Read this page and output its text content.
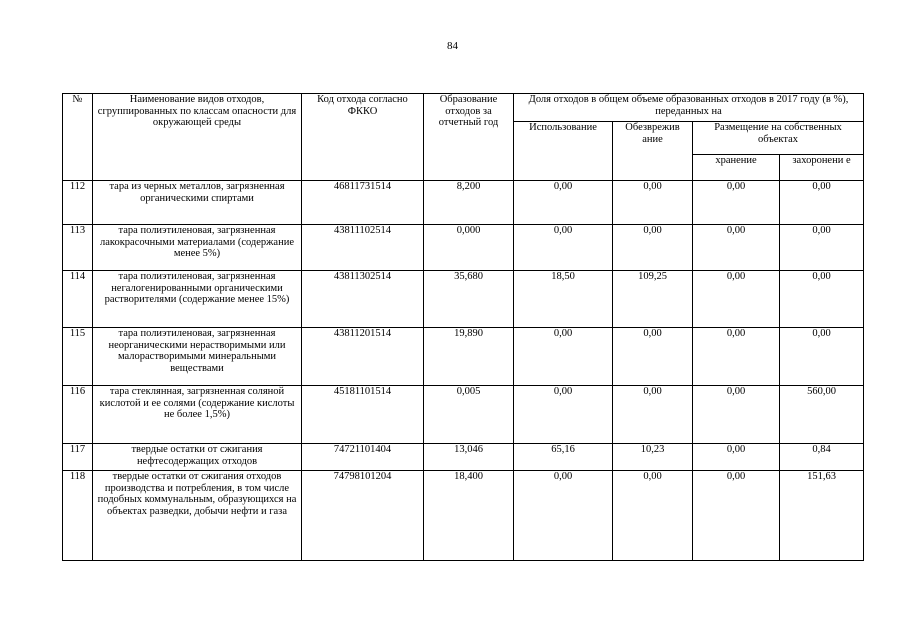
84
№	Наименование видов отходов, сгруппированных по классам опасности для окружающей среды	Код отхода согласно ФККО	Образование отходов за отчетный год	Доля отходов в общем объеме образованных отходов в 2017 году (в %), переданных на			
				Использование	Обезврежив ание	Размещение на собственных объектах	
						хранение	захоронени е
112	тара из черных металлов, загрязненная органическими спиртами	46811731514	8,200	0,00	0,00	0,00	0,00
113	тара полиэтиленовая, загрязненная лакокрасочными материалами (содержание менее 5%)	43811102514	0,000	0,00	0,00	0,00	0,00
114	тара полиэтиленовая, загрязненная негалогенированными органическими растворителями (содержание менее 15%)	43811302514	35,680	18,50	109,25	0,00	0,00
115	тара полиэтиленовая, загрязненная неорганическими нерастворимыми или малорастворимыми минеральными веществами	43811201514	19,890	0,00	0,00	0,00	0,00
116	тара стеклянная, загрязненная соляной кислотой и ее солями (содержание кислоты не более 1,5%)	45181101514	0,005	0,00	0,00	0,00	560,00
117	твердые остатки от сжигания нефтесодержащих отходов	74721101404	13,046	65,16	10,23	0,00	0,84
118	твердые остатки от сжигания отходов производства и потребления, в том числе подобных коммунальным, образующихся на объектах разведки, добычи нефти и газа	74798101204	18,400	0,00	0,00	0,00	151,63
